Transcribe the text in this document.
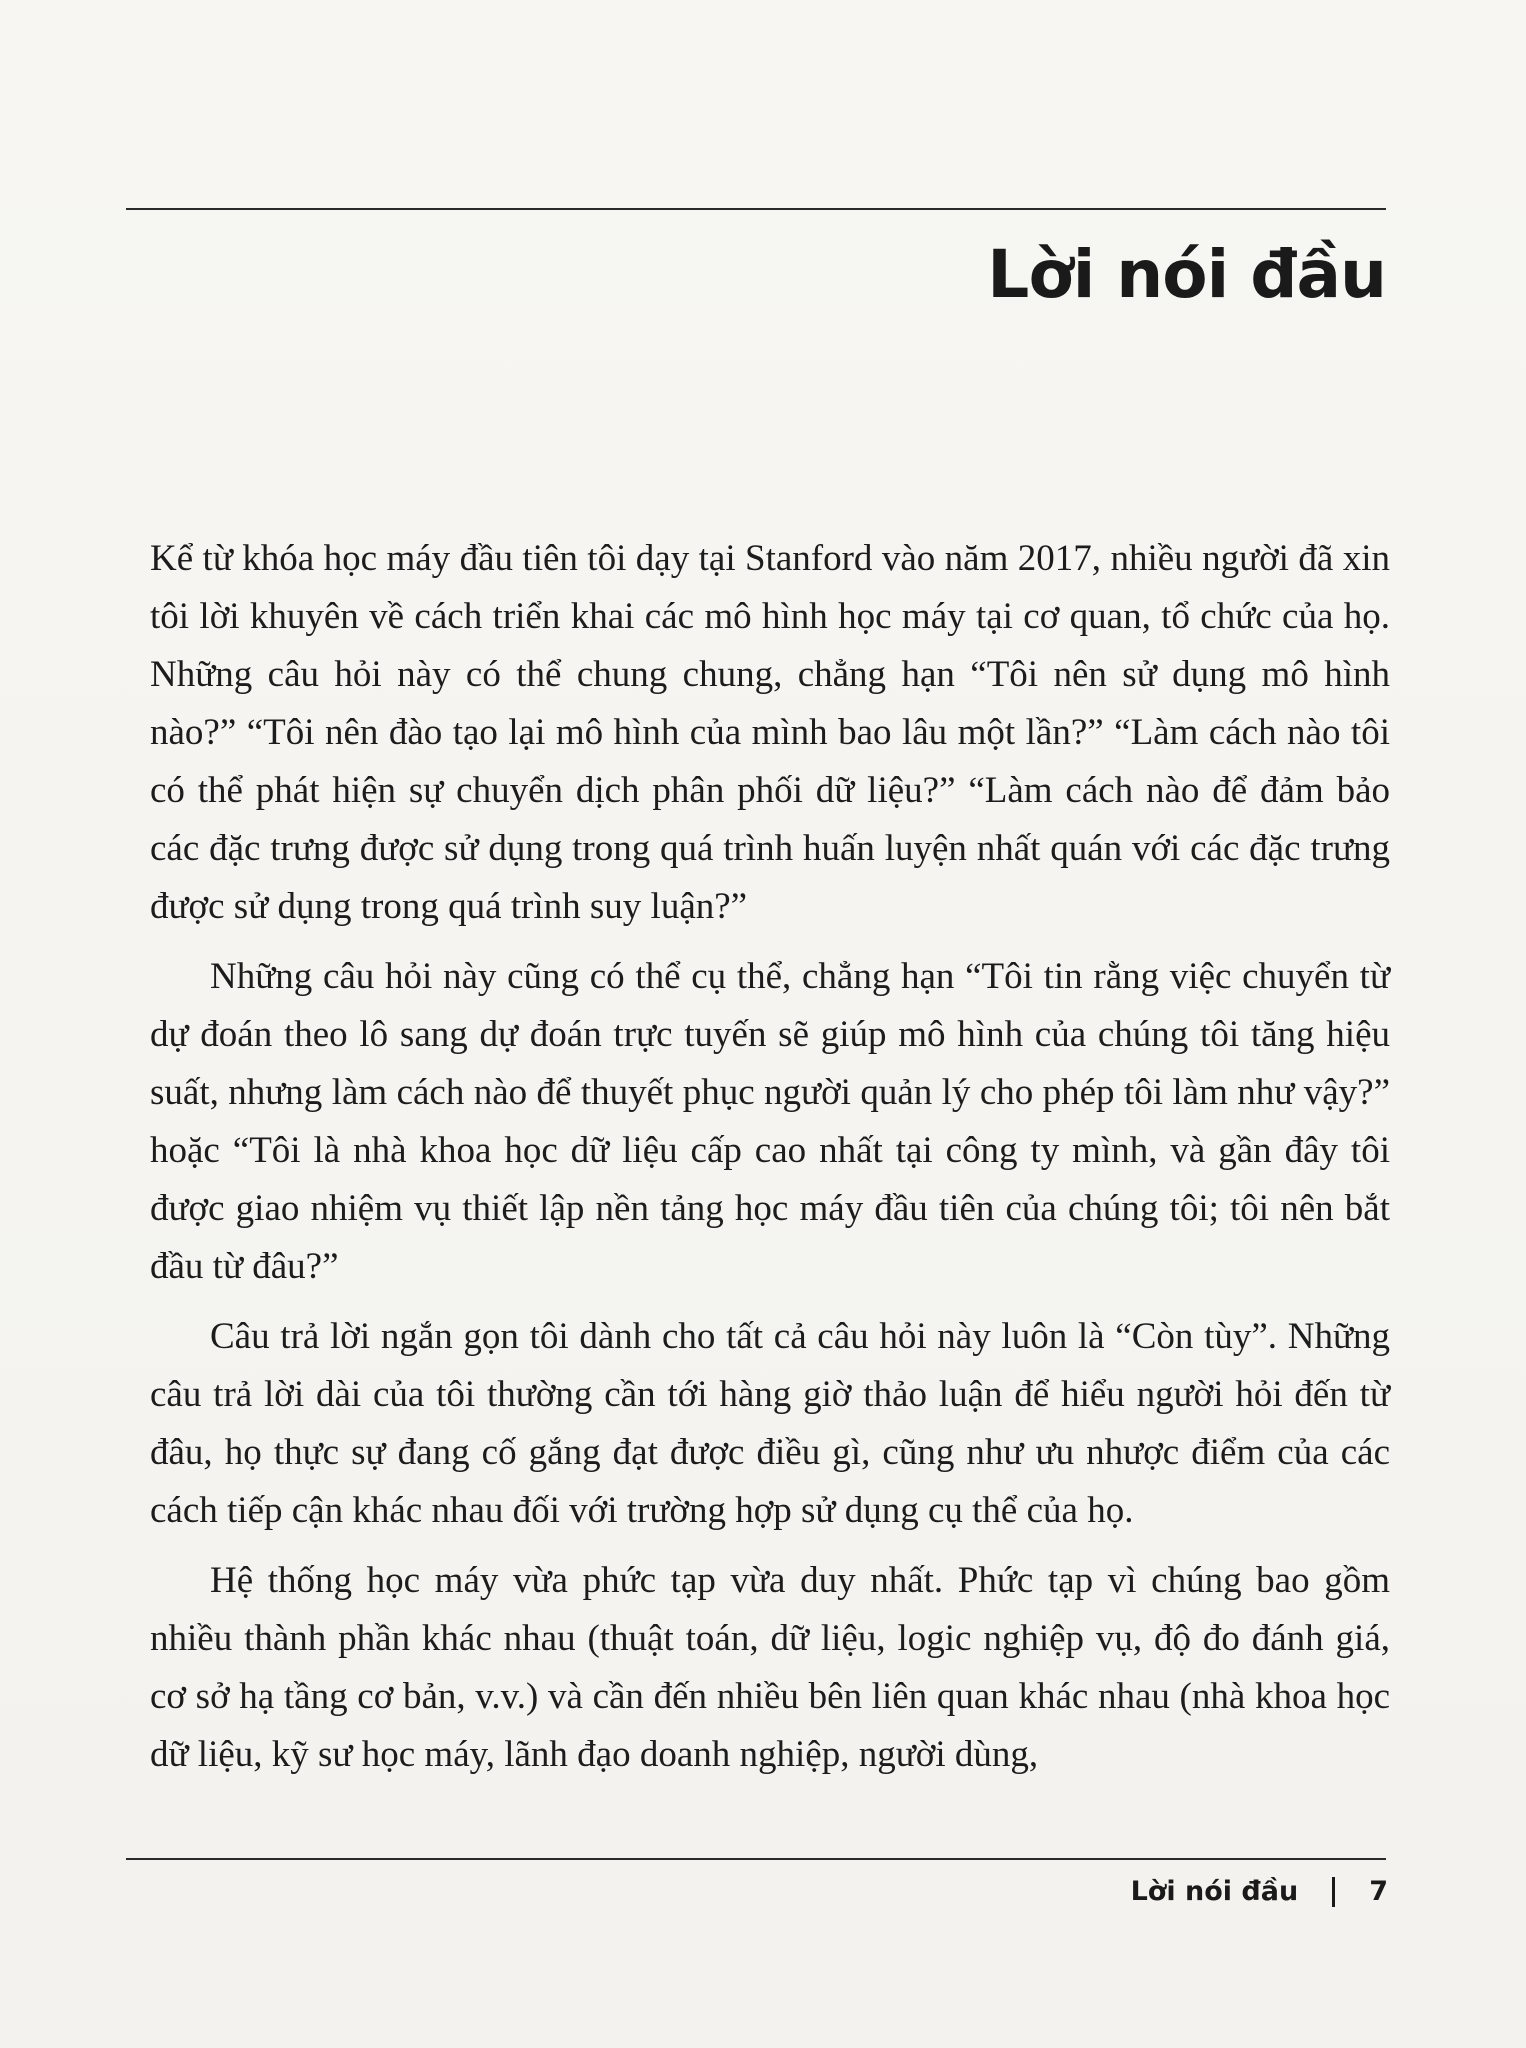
Lời nói đầu

Kể từ khóa học máy đầu tiên tôi dạy tại Stanford vào năm 2017, nhiều người đã xin tôi lời khuyên về cách triển khai các mô hình học máy tại cơ quan, tổ chức của họ. Những câu hỏi này có thể chung chung, chẳng hạn “Tôi nên sử dụng mô hình nào?” “Tôi nên đào tạo lại mô hình của mình bao lâu một lần?” “Làm cách nào tôi có thể phát hiện sự chuyển dịch phân phối dữ liệu?” “Làm cách nào để đảm bảo các đặc trưng được sử dụng trong quá trình huấn luyện nhất quán với các đặc trưng được sử dụng trong quá trình suy luận?”

Những câu hỏi này cũng có thể cụ thể, chẳng hạn “Tôi tin rằng việc chuyển từ dự đoán theo lô sang dự đoán trực tuyến sẽ giúp mô hình của chúng tôi tăng hiệu suất, nhưng làm cách nào để thuyết phục người quản lý cho phép tôi làm như vậy?” hoặc “Tôi là nhà khoa học dữ liệu cấp cao nhất tại công ty mình, và gần đây tôi được giao nhiệm vụ thiết lập nền tảng học máy đầu tiên của chúng tôi; tôi nên bắt đầu từ đâu?”

Câu trả lời ngắn gọn tôi dành cho tất cả câu hỏi này luôn là “Còn tùy”. Những câu trả lời dài của tôi thường cần tới hàng giờ thảo luận để hiểu người hỏi đến từ đâu, họ thực sự đang cố gắng đạt được điều gì, cũng như ưu nhược điểm của các cách tiếp cận khác nhau đối với trường hợp sử dụng cụ thể của họ.

Hệ thống học máy vừa phức tạp vừa duy nhất. Phức tạp vì chúng bao gồm nhiều thành phần khác nhau (thuật toán, dữ liệu, logic nghiệp vụ, độ đo đánh giá, cơ sở hạ tầng cơ bản, v.v.) và cần đến nhiều bên liên quan khác nhau (nhà khoa học dữ liệu, kỹ sư học máy, lãnh đạo doanh nghiệp, người dùng,

Lời nói đầu	7
